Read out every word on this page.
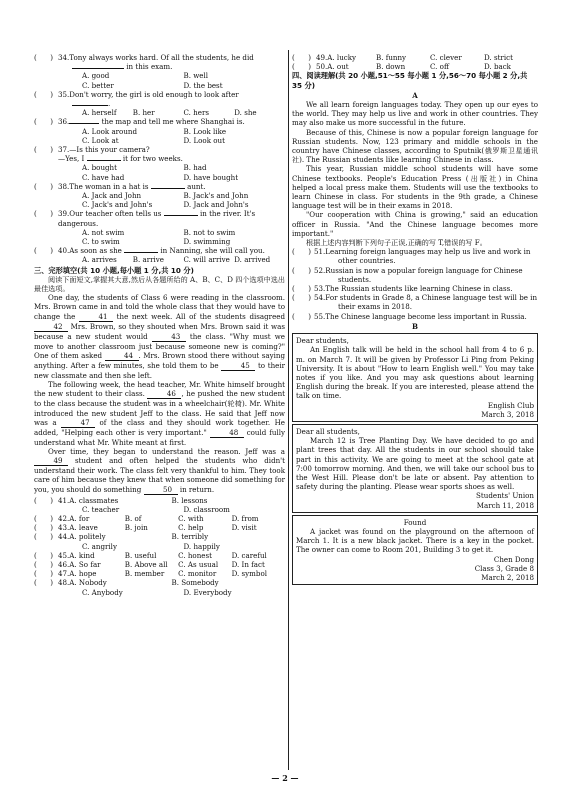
(      ) 34.Tony always works hard. Of all the students, he did
in this exam.
A. good	B. well
C. better	D. the best
(      ) 35.Don't worry, the girl is old enough to look after
.
A. herself	B. her	C. hers	D. she
(      ) 36.	the map and tell me where Shanghai is.
A. Look around	B. Look like
C. Look at	D. Look out
(      ) 37.—Is this your camera?
—Yes, I	it for two weeks.
A. bought	B. had
C. have had	D. have bought
(      ) 38.The woman in a hat is	aunt.
A. Jack and John	B. Jack's and John
C. Jack's and John's	D. Jack and John's
(      ) 39.Our teacher often tells us	in the river. It's dangerous.
A. not swim	B. not to swim
C. to swim	D. swimming
(      ) 40.As soon as she	in Nanning, she will call you.
A. arrives	B. arrive	C. will arrive D. arrived
三、完形填空(共 10 小题,每小题 1 分,共 10 分)
阅读下面短文,掌握其大意,然后从各题所给的 A、B、C、D 四个选项中选出最佳选项。
One day, the students of Class 6 were reading in the classroom. Mrs. Brown came in and told the whole class that they would have to change the	41 the next week. All of the students disagreed 42 Mrs. Brown, so they shouted when Mrs. Brown said it was because a new student would	43 the class. "Why must we move to another classroom just because someone new is coming?" One of them asked	44 . Mrs. Brown stood there without saying anything. After a few minutes, she told them to be	45 to their new classmate and then she left.
The following week, the head teacher, Mr. White himself brought the new student to their class.	46 , he pushed the new student to the class because the student was in a wheelchair(轮椅). Mr. White introduced the new student Jeff to the class. He said that Jeff now was a	47 of the class and they should work together. He added, "Helping each other is very important."	48 could fully understand what Mr. White meant at first.
Over time, they began to understand the reason. Jeff was a 49 student and often helped the students who didn't understand their work. The class felt very thankful to him. They took care of him because they knew that when someone did something for you, you should do something	50 in return.
(      ) 41.A. classmates	B. lessons
C. teacher	D. classroom
(      ) 42.A. for	B. of	C. with	D. from
(      ) 43.A. leave	B. join	C. help	D. visit
(      ) 44.A. politely	B. terribly
C. angrily	D. happily
(      ) 45.A. kind	B. useful	C. honest	D. careful
(      ) 46.A. So far	B. Above all	C. As usual	D. In fact
(      ) 47.A. hope	B. member	C. monitor	D. symbol
(      ) 48.A. Nobody	B. Somebody
C. Anybody	D. Everybody
(      ) 49.A. lucky	B. funny	C. clever	D. strict
(      ) 50.A. out	B. down	C. off	D. back
四、阅读理解(共 20 小题,51～55 每小题 1 分,56～70 每小题 2 分,共 35 分)
A
We all learn foreign languages today. They open up our eyes to the world. They may help us live and work in other countries. They may also make us more successful in the future.
Because of this, Chinese is now a popular foreign language for Russian students. Now, 123 primary and middle schools in the country have Chinese classes, according to Sputnik(俄罗斯卫星通讯社). The Russian students like learning Chinese in class.
This year, Russian middle school students will have some Chinese textbooks. People's Education Press (出版社) in China helped a local press make them. Students will use the textbooks to learn Chinese in class. For students in the 9th grade, a Chinese language test will be in their exams in 2018.
"Our cooperation with China is growing," said an education officer in Russia. "And the Chinese language becomes more important."
根据上述内容判断下列句子正误,正确的写 T,错误的写 F。
(      ) 51.Learning foreign languages may help us live and work in other countries.
(      ) 52.Russian is now a popular foreign language for Chinese students.
(      ) 53.The Russian students like learning Chinese in class.
(      ) 54.For students in Grade 8, a Chinese language test will be in their exams in 2018.
(      ) 55.The Chinese language become less important in Russia.
B
Dear students,
An English talk will be held in the school hall from 4 to 6 p. m. on March 7. It will be given by Professor Li Ping from Peking University. It is about "How to learn English well." You may take notes if you like. And you may ask questions about learning English during the break. If you are interested, please attend the talk on time.
English Club
March 3, 2018
Dear all students,
March 12 is Tree Planting Day. We have decided to go and plant trees that day. All the students in our school should take part in this activity. We are going to meet at the school gate at 7:00 tomorrow morning. And then, we will take our school bus to the West Hill. Please don't be late or absent. Pay attention to safety during the planting. Please wear sports shoes as well.
Students' Union
March 11, 2018
Found
A jacket was found on the playground on the afternoon of March 1. It is a new black jacket. There is a key in the pocket. The owner can come to Room 201, Building 3 to get it.
Chen Dong
Class 3, Grade 8
March 2, 2018
— 2 —
